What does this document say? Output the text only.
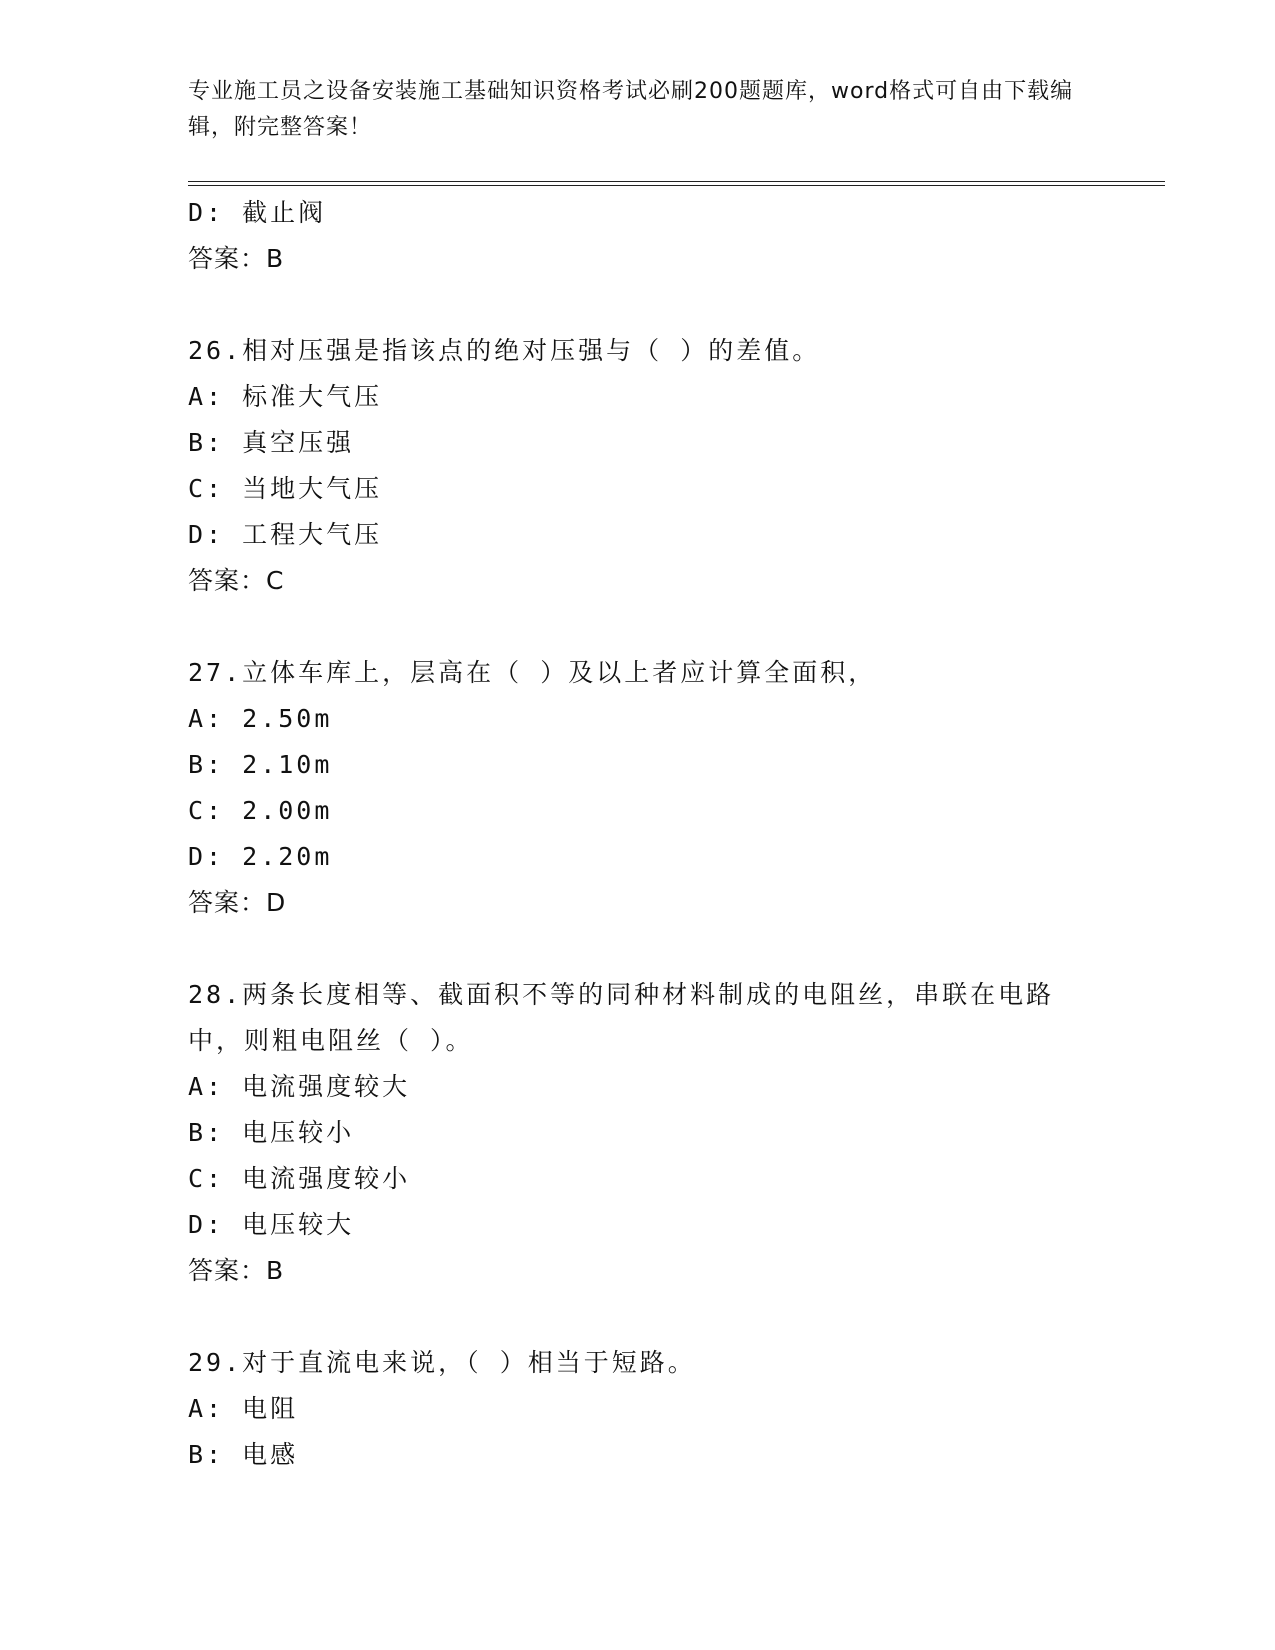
专业施工员之设备安装施工基础知识资格考试必刷200题题库，word格式可自由下载编辑，附完整答案！
D: 截止阀
答案：B
26.相对压强是指该点的绝对压强与（ ）的差值。
A: 标准大气压
B: 真空压强
C: 当地大气压
D: 工程大气压
答案：C
27.立体车库上，层高在（ ）及以上者应计算全面积，
A: 2.50m
B: 2.10m
C: 2.00m
D: 2.20m
答案：D
28.两条长度相等、截面积不等的同种材料制成的电阻丝，串联在电路中，则粗电阻丝（ ）。
A: 电流强度较大
B: 电压较小
C: 电流强度较小
D: 电压较大
答案：B
29.对于直流电来说，（ ）相当于短路。
A: 电阻
B: 电感
